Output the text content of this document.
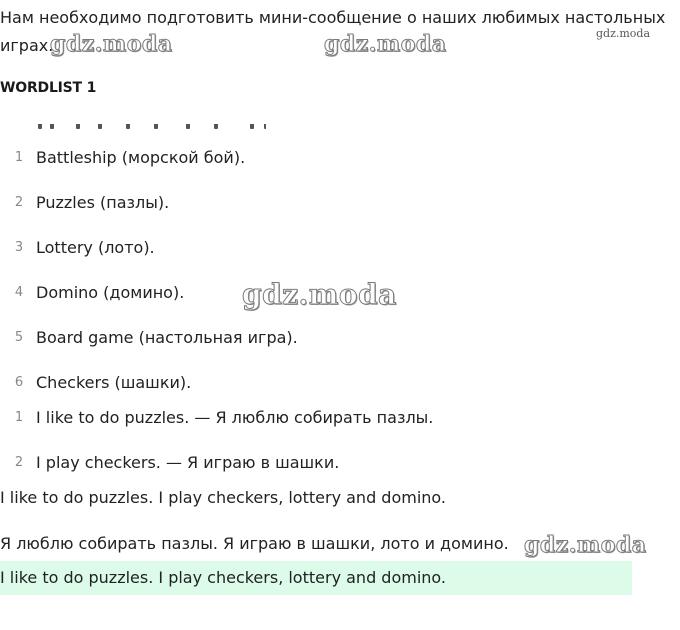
Нам необходимо подготовить мини-сообщение о наших любимых настольных играх.

WORDLIST 1
1 Battleship (морской бой).
2 Puzzles (пазлы).
3 Lottery (лото).
4 Domino (домино).
5 Board game (настольная игра).
6 Checkers (шашки).
1 I like to do puzzles. — Я люблю собирать пазлы.
2 I play checkers. — Я играю в шашки.

I like to do puzzles. I play checkers, lottery and domino.

Я люблю собирать пазлы. Я играю в шашки, лото и домино.

I like to do puzzles. I play checkers, lottery and domino.

gdz.moda	gdz.moda	gdz.moda
gdz.moda
gdz.moda
